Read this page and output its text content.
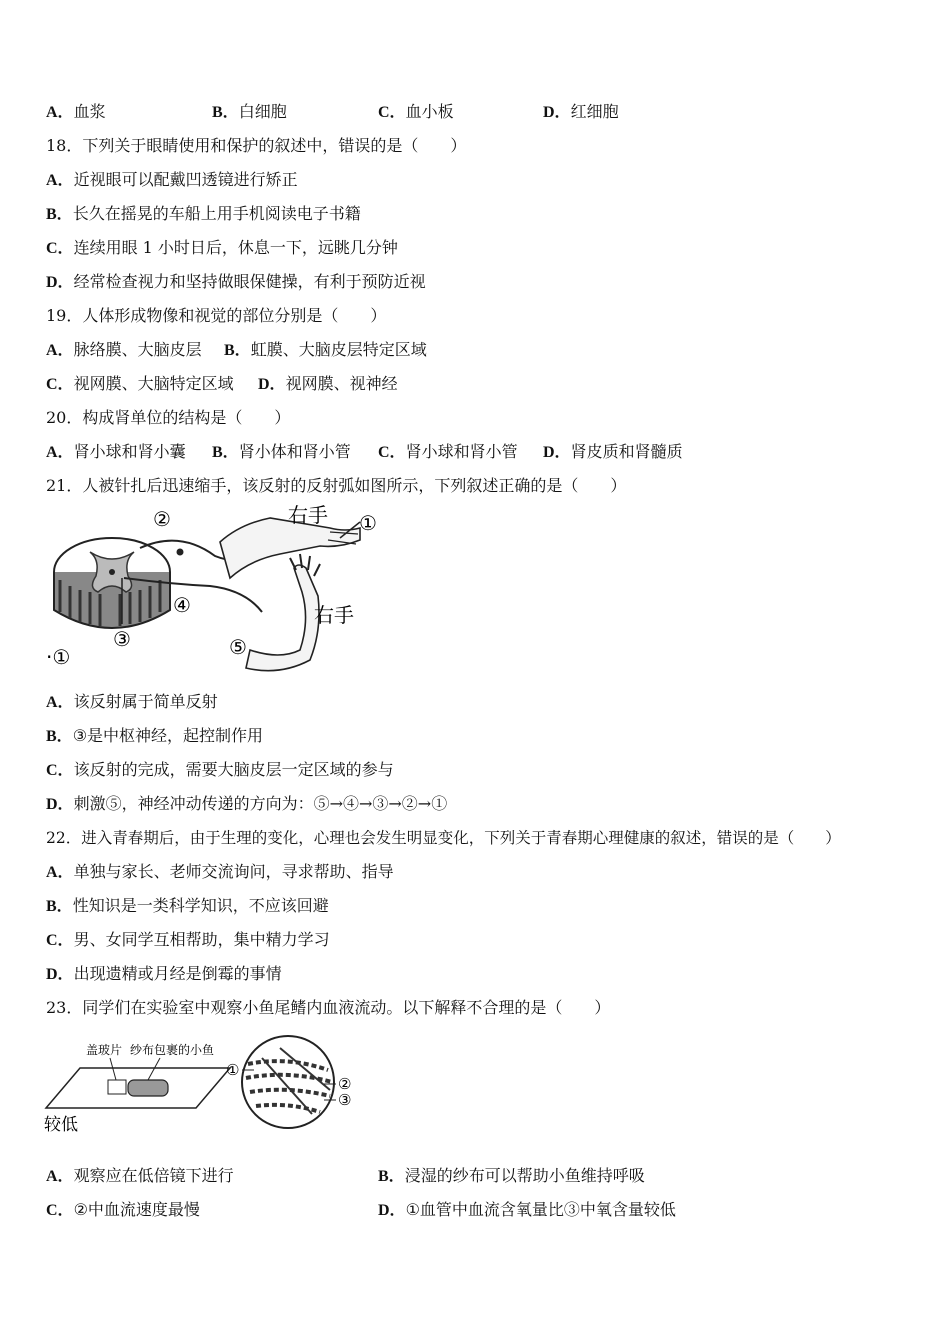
A．血浆	B．白细胞	C．血小板	D．红细胞
18．下列关于眼睛使用和保护的叙述中，错误的是（　　）
A．近视眼可以配戴凹透镜进行矫正
B．长久在摇晃的车船上用手机阅读电子书籍
C．连续用眼 1 小时日后，休息一下，远眺几分钟
D．经常检查视力和坚持做眼保健操，有利于预防近视
19．人体形成物像和视觉的部位分别是（　　）
A．脉络膜、大脑皮层 B．虹膜、大脑皮层特定区域
C．视网膜、大脑特定区域 D．视网膜、视神经
20．构成肾单位的结构是（　　）
A．肾小球和肾小囊 B．肾小体和肾小管 C．肾小球和肾小管 D．肾皮质和肾髓质
21．人被针扎后迅速缩手，该反射的反射弧如图所示，下列叙述正确的是（　　）
②	右手 ①
④	右手
③	⑤
·①
A．该反射属于简单反射
B．③是中枢神经，起控制作用
C．该反射的完成，需要大脑皮层一定区域的参与
D．刺激⑤，神经冲动传递的方向为：⑤→④→③→②→①
22．进入青春期后，由于生理的变化，心理也会发生明显变化，下列关于青春期心理健康的叙述，错误的是（　　）
A．单独与家长、老师交流询问，寻求帮助、指导
B．性知识是一类科学知识，不应该回避
C．男、女同学互相帮助，集中精力学习
D．出现遗精或月经是倒霉的事情
23．同学们在实验室中观察小鱼尾鳍内血液流动。以下解释不合理的是（　　）
盖玻片 纱布包裹的小鱼
较低
①
②
③
A．观察应在低倍镜下进行	B．浸湿的纱布可以帮助小鱼维持呼吸
C．②中血流速度最慢	D．①血管中血流含氧量比③中氧含量较低
